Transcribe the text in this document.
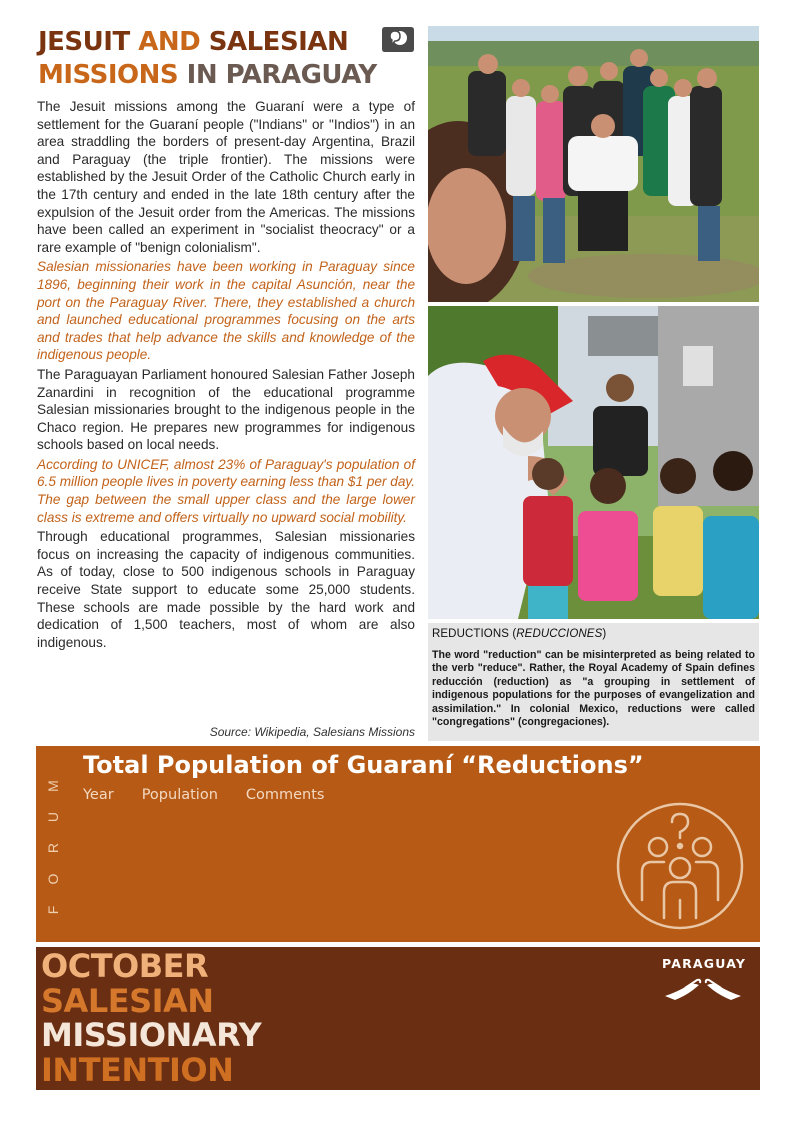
JESUIT AND SALESIAN
MISSIONS IN PARAGUAY

The Jesuit missions among the Guaraní were a type of settlement for the Guaraní people ("Indians" or "Indios") in an area straddling the borders of present-day Argentina, Brazil and Paraguay (the triple frontier). The missions were established by the Jesuit Order of the Catholic Church early in the 17th century and ended in the late 18th century after the expulsion of the Jesuit order from the Americas. The missions have been called an experiment in "socialist theocracy" or a rare example of "benign colonialism".

Salesian missionaries have been working in Paraguay since 1896, beginning their work in the capital Asunción, near the port on the Paraguay River. There, they established a church and launched educational programmes focusing on the arts and trades that help advance the skills and knowledge of the indigenous people.

The Paraguayan Parliament honoured Salesian Father Joseph Zanardini in recognition of the educational programme Salesian missionaries brought to the indigenous people in the Chaco region. He prepares new programmes for indigenous schools based on local needs.

According to UNICEF, almost 23% of Paraguay's population of 6.5 million people lives in poverty earning less than $1 per day. The gap between the small upper class and the large lower class is extreme and offers virtually no upward social mobility.

Through educational programmes, Salesian missionaries focus on increasing the capacity of indigenous communities. As of today, close to 500 indigenous schools in Paraguay receive State support to educate some 25,000 students. These schools are made possible by the hard work and dedication of 1,500 teachers, most of whom are also indigenous.

Source: Wikipedia, Salesians Missions
REDUCTIONS (REDUCCIONES)
The word "reduction" can be misinterpreted as being related to the verb "reduce". Rather, the Royal Academy of Spain defines reducción (reduction) as "a grouping in settlement of indigenous populations for the purposes of evangelization and assimilation." In colonial Mexico, reductions were called "congregations" (congregaciones).
M
U
R
O
F
Total Population of Guaraní “Reductions”
Year Population Comments
OCTOBER
SALESIAN
MISSIONARY
INTENTION
PARAGUAY
